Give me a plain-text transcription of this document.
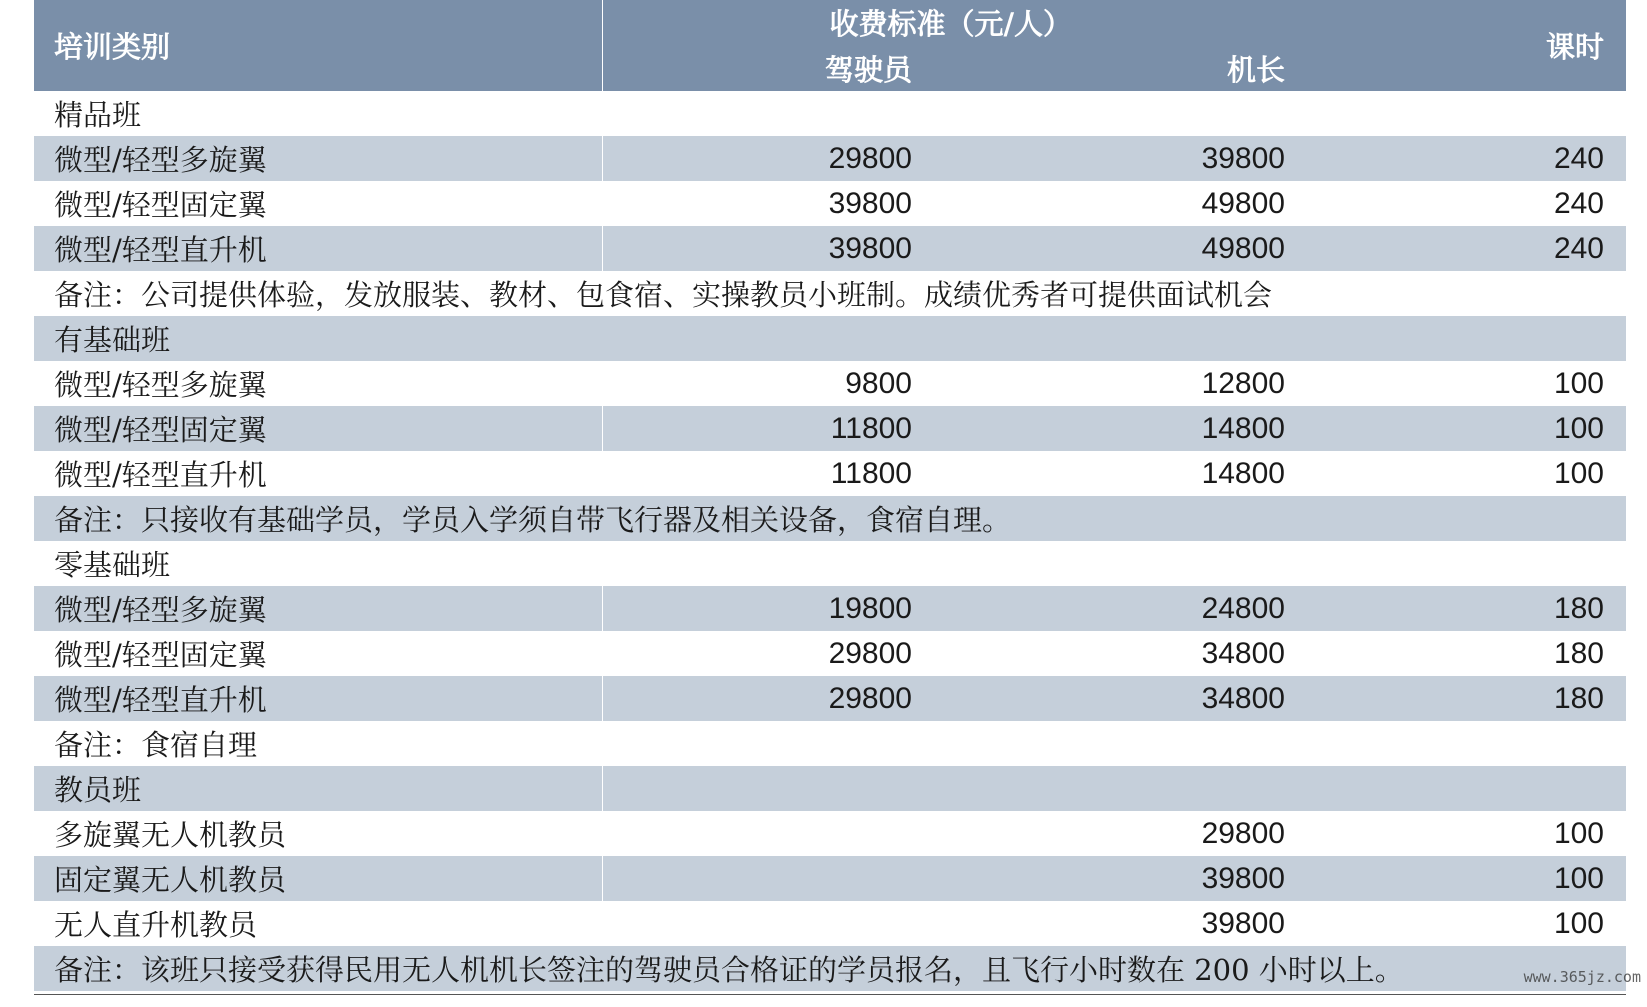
培训类别	收费标准（元/人）		课时
	驾驶员	机长	
精品班			
微型/轻型多旋翼	29800	39800	240
微型/轻型固定翼	39800	49800	240
微型/轻型直升机	39800	49800	240
备注：公司提供体验，发放服装、教材、包食宿、实操教员小班制。成绩优秀者可提供面试机会			
有基础班			
微型/轻型多旋翼	9800	12800	100
微型/轻型固定翼	11800	14800	100
微型/轻型直升机	11800	14800	100
备注：只接收有基础学员，学员入学须自带飞行器及相关设备，食宿自理。			
零基础班			
微型/轻型多旋翼	19800	24800	180
微型/轻型固定翼	29800	34800	180
微型/轻型直升机	29800	34800	180
备注：食宿自理			
教员班			
多旋翼无人机教员		29800	100
固定翼无人机教员		39800	100
无人直升机教员		39800	100
备注：该班只接受获得民用无人机机长签注的驾驶员合格证的学员报名，且飞行小时数在 200 小时以上。				www.365jz.com
